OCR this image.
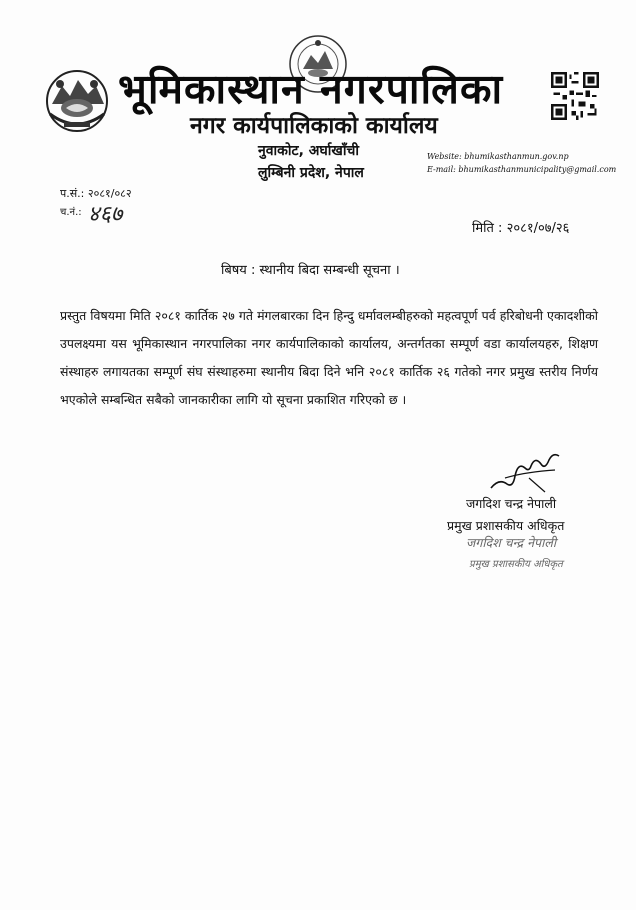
भूमिकास्थान नगरपालिका
नगर कार्यपालिकाको कार्यालय
नुवाकोट, अर्घाखाँची
लुम्बिनी प्रदेश, नेपाल
Website: bhumikasthanmun.gov.np
E-mail: bhumikasthanmunicipality@gmail.com
प.सं.: २०८१/०८२
च.नं.: ४६७
मिति : २०८१/०७/२६
बिषय : स्थानीय बिदा सम्बन्धी सूचना ।
प्रस्तुत विषयमा मिति २०८१ कार्तिक २७ गते मंगलबारका दिन हिन्दु धर्मावलम्बीहरुको महत्वपूर्ण पर्व हरिबोधनी एकादशीको उपलक्ष्यमा यस भूमिकास्थान नगरपालिका नगर कार्यपालिकाको कार्यालय, अन्तर्गतका सम्पूर्ण वडा कार्यालयहरु, शिक्षण संस्थाहरु लगायतका सम्पूर्ण संघ संस्थाहरुमा स्थानीय बिदा दिने भनि २०८१ कार्तिक २६ गतेको नगर प्रमुख स्तरीय निर्णय भएकोले सम्बन्धित सबैको जानकारीका लागि यो सूचना प्रकाशित गरिएको छ ।
जगदिश चन्द्र नेपाली
प्रमुख प्रशासकीय अधिकृत
जगदिश चन्द्र नेपाली
प्रमुख प्रशासकीय अधिकृत
